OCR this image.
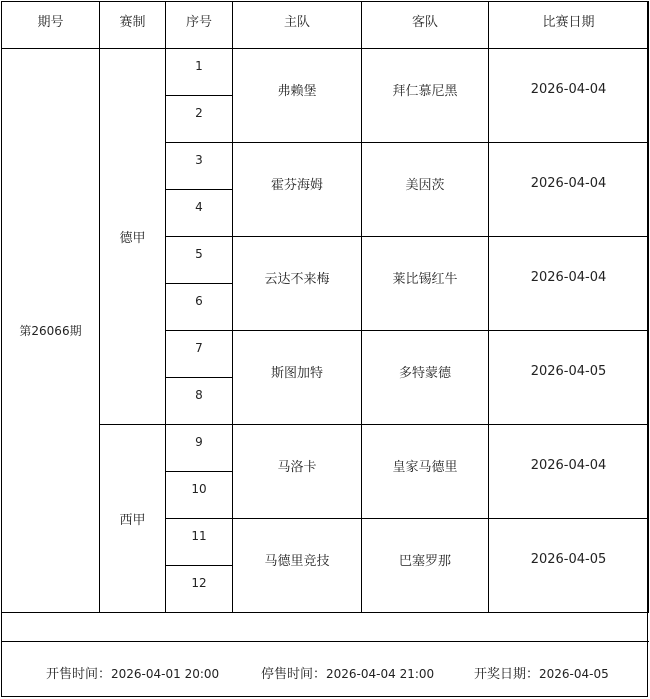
期号	赛制	序号	主队	客队	比赛日期
第26066期	德甲	1	弗赖堡	拜仁慕尼黑	2026-04-04
		2			
		3	霍芬海姆	美因茨	2026-04-04
		4			
		5	云达不来梅	莱比锡红牛	2026-04-04
		6			
		7	斯图加特	多特蒙德	2026-04-05
		8			
	西甲	9	马洛卡	皇家马德里	2026-04-04
		10			
		11	马德里竞技	巴塞罗那	2026-04-05
		12			

开售时间：2026-04-01 20:00	停售时间：2026-04-04 21:00	开奖日期：2026-04-05
